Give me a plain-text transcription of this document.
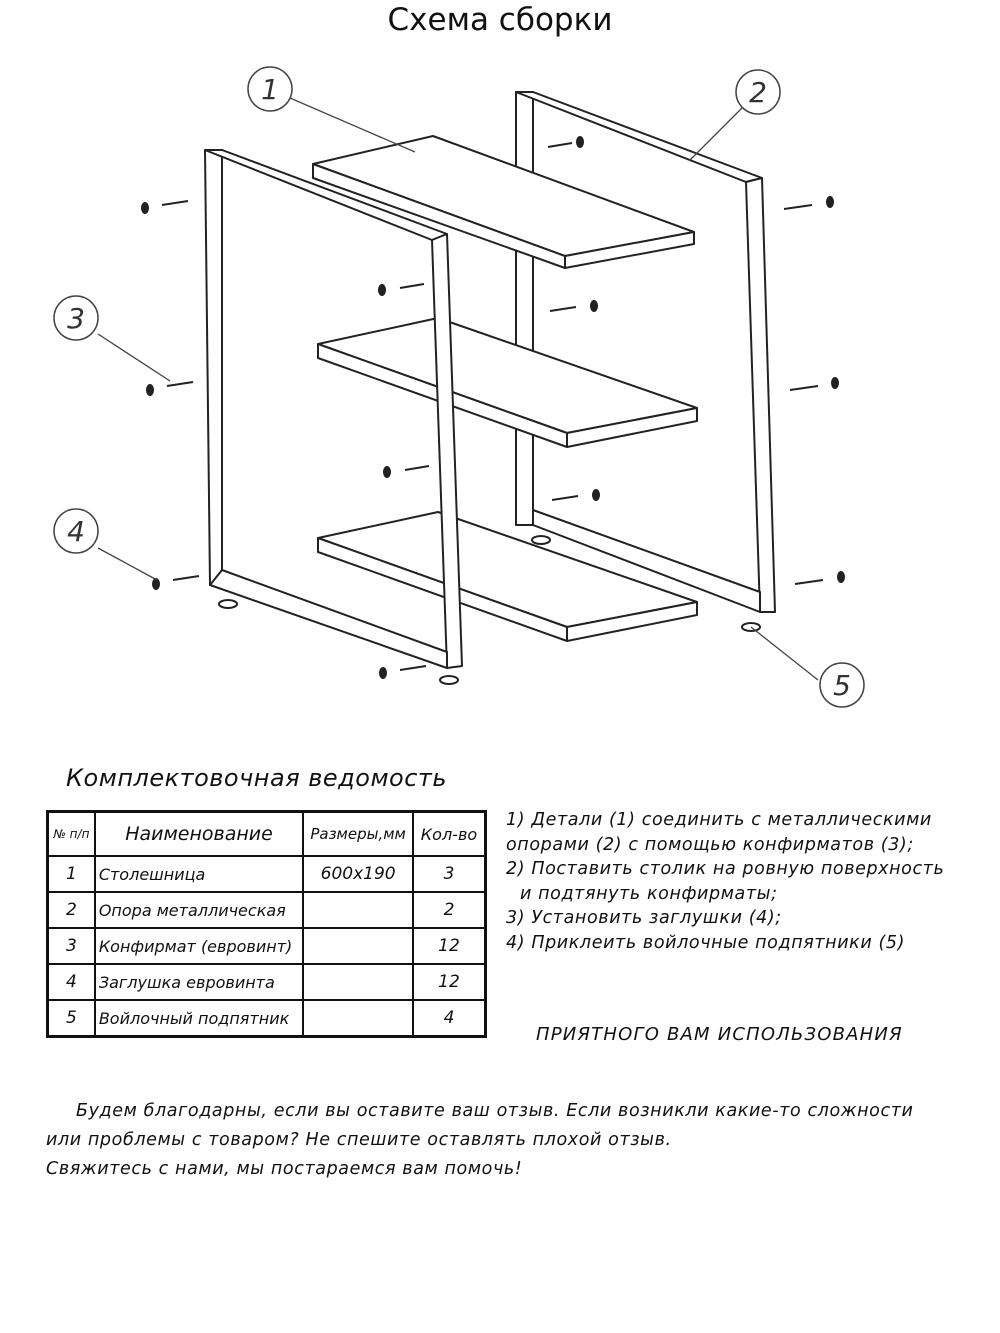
Схема сборки
1	2
3
4
5
Комплектовочная ведомость
№ п/п	Наименование	Размеры,мм	Кол-во
1	Столешница	600x190	3
2	Опора металлическая		2
3	Конфирмат (евровинт)		12
4	Заглушка евровинта		12
5	Войлочный подпятник		4
1) Детали (1) соединить с металлическими
опорами (2) с помощью конфирматов (3);
2) Поставить столик на ровную поверхность
и подтянуть конфирматы;
3) Установить заглушки (4);
4) Приклеить войлочные подпятники (5)
ПРИЯТНОГО ВАМ ИСПОЛЬЗОВАНИЯ
Будем благодарны, если вы оставите ваш отзыв. Если возникли какие-то сложности
или проблемы с товаром? Не спешите оставлять плохой отзыв.
Свяжитесь с нами, мы постараемся вам помочь!
